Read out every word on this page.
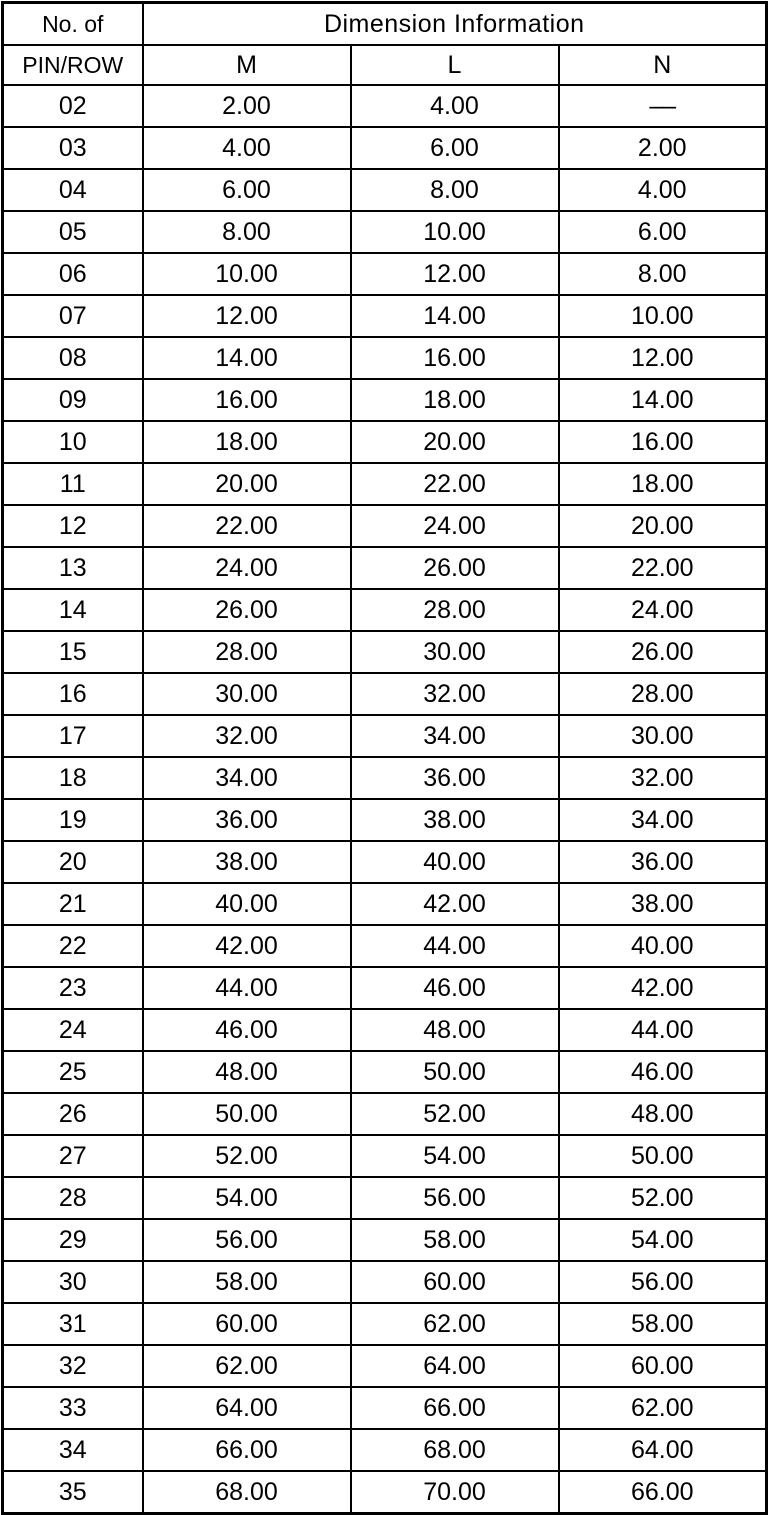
No. of	Dimension Information		
PIN/ROW	M	L	N
02	2.00	4.00	––
03	4.00	6.00	2.00
04	6.00	8.00	4.00
05	8.00	10.00	6.00
06	10.00	12.00	8.00
07	12.00	14.00	10.00
08	14.00	16.00	12.00
09	16.00	18.00	14.00
10	18.00	20.00	16.00
11	20.00	22.00	18.00
12	22.00	24.00	20.00
13	24.00	26.00	22.00
14	26.00	28.00	24.00
15	28.00	30.00	26.00
16	30.00	32.00	28.00
17	32.00	34.00	30.00
18	34.00	36.00	32.00
19	36.00	38.00	34.00
20	38.00	40.00	36.00
21	40.00	42.00	38.00
22	42.00	44.00	40.00
23	44.00	46.00	42.00
24	46.00	48.00	44.00
25	48.00	50.00	46.00
26	50.00	52.00	48.00
27	52.00	54.00	50.00
28	54.00	56.00	52.00
29	56.00	58.00	54.00
30	58.00	60.00	56.00
31	60.00	62.00	58.00
32	62.00	64.00	60.00
33	64.00	66.00	62.00
34	66.00	68.00	64.00
35	68.00	70.00	66.00
